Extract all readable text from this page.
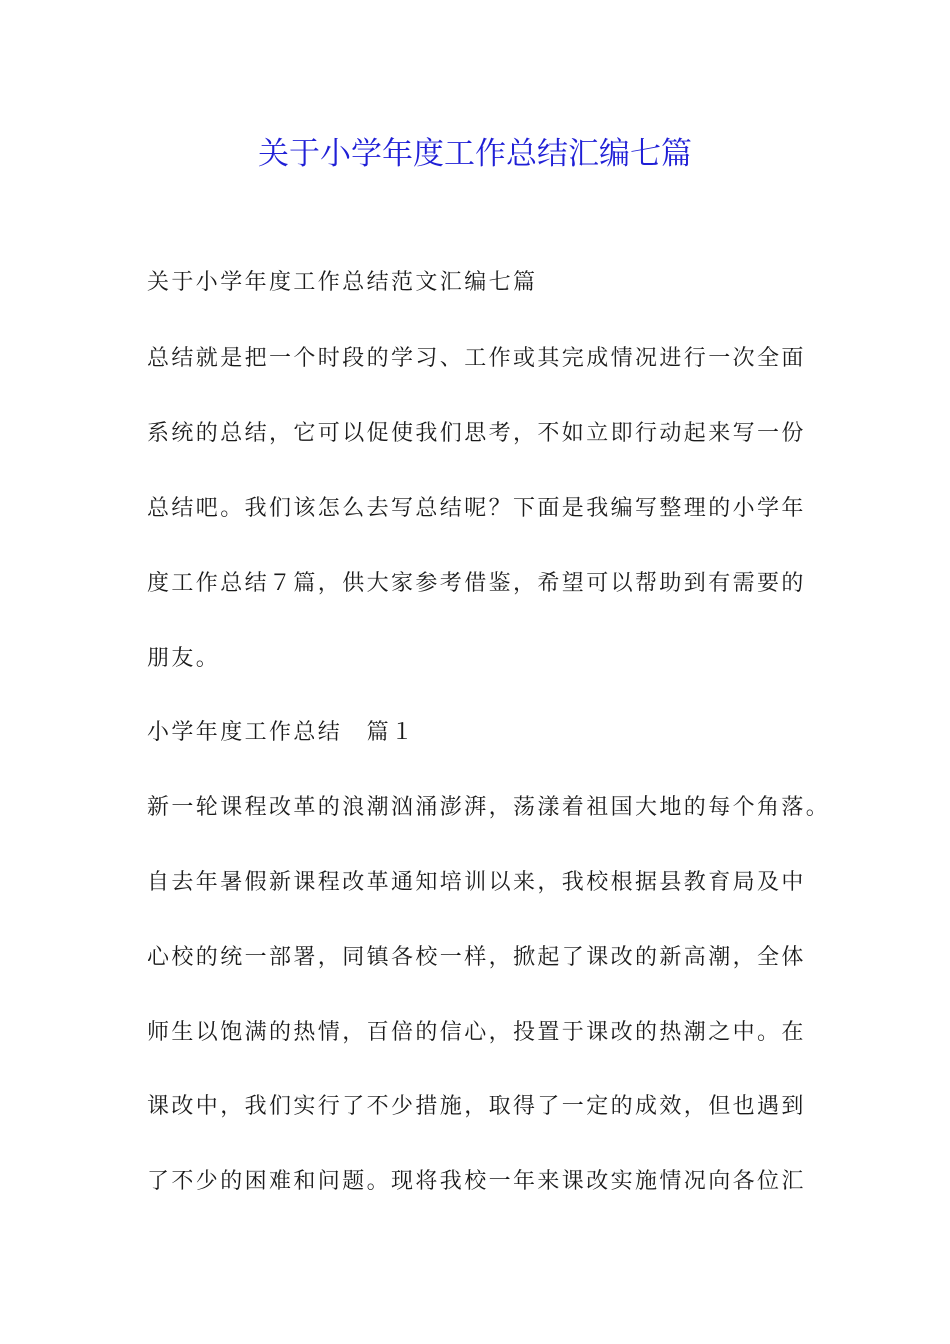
关于小学年度工作总结汇编七篇

关于小学年度工作总结范文汇编七篇

总结就是把一个时段的学习、工作或其完成情况进行一次全面

系统的总结，它可以促使我们思考，不如立即行动起来写一份

总结吧。我们该怎么去写总结呢？下面是我编写整理的小学年

度工作总结７篇，供大家参考借鉴，希望可以帮助到有需要的

朋友。

小学年度工作总结　篇１

新一轮课程改革的浪潮汹涌澎湃，荡漾着祖国大地的每个角落。

自去年暑假新课程改革通知培训以来，我校根据县教育局及中

心校的统一部署，同镇各校一样，掀起了课改的新高潮，全体

师生以饱满的热情，百倍的信心，投置于课改的热潮之中。在

课改中，我们实行了不少措施，取得了一定的成效，但也遇到

了不少的困难和问题。现将我校一年来课改实施情况向各位汇
